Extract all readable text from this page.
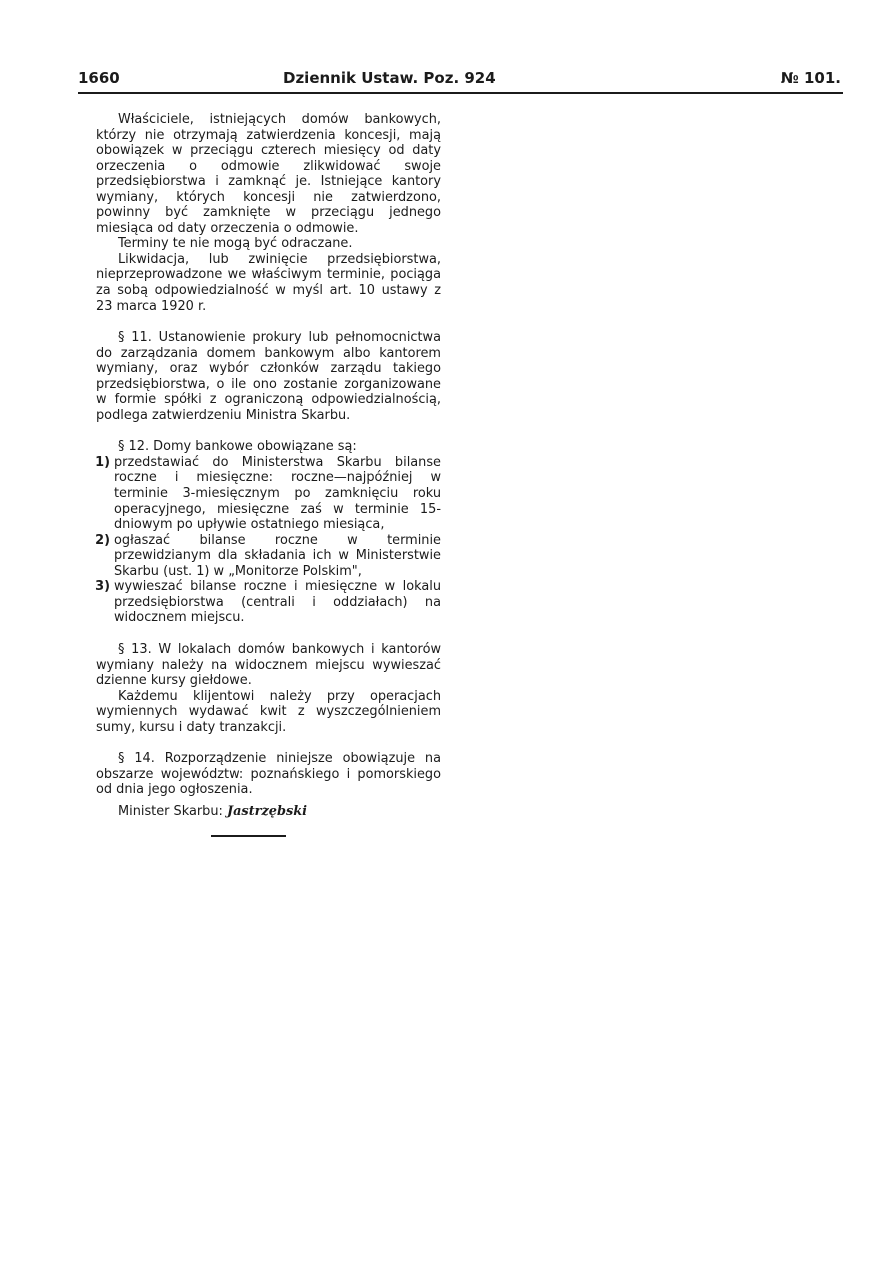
1660	Dziennik Ustaw. Poz. 924	№ 101.

Właściciele, istniejących domów bankowych, którzy nie otrzymają zatwierdzenia koncesji, mają obowiązek w przeciągu czterech miesięcy od daty orzeczenia o odmowie zlikwidować swoje przedsiębiorstwa i zamknąć je. Istniejące kantory wymiany, których koncesji nie zatwierdzono, powinny być zamknięte w przeciągu jednego miesiąca od daty orzeczenia o odmowie.

Terminy te nie mogą być odraczane.

Likwidacja, lub zwinięcie przedsiębiorstwa, nieprzeprowadzone we właściwym terminie, pociąga za sobą odpowiedzialność w myśl art. 10 ustawy z 23 marca 1920 r.

§ 11. Ustanowienie prokury lub pełnomocnictwa do zarządzania domem bankowym albo kantorem wymiany, oraz wybór członków zarządu takiego przedsiębiorstwa, o ile ono zostanie zorganizowane w formie spółki z ograniczoną odpowiedzialnością, podlega zatwierdzeniu Ministra Skarbu.

§ 12. Domy bankowe obowiązane są:

1) przedstawiać do Ministerstwa Skarbu bilanse roczne i miesięczne: roczne—najpóźniej w terminie 3-miesięcznym po zamknięciu roku operacyjnego, miesięczne zaś w terminie 15-dniowym po upływie ostatniego miesiąca,
2) ogłaszać bilanse roczne w terminie przewidzianym dla składania ich w Ministerstwie Skarbu (ust. 1) w „Monitorze Polskim",
3) wywieszać bilanse roczne i miesięczne w lokalu przedsiębiorstwa (centrali i oddziałach) na widocznem miejscu.

§ 13. W lokalach domów bankowych i kantorów wymiany należy na widocznem miejscu wywieszać dzienne kursy giełdowe.

Każdemu klijentowi należy przy operacjach wymiennych wydawać kwit z wyszczególnieniem sumy, kursu i daty tranzakcji.

§ 14. Rozporządzenie niniejsze obowiązuje na obszarze województw: poznańskiego i pomorskiego od dnia jego ogłoszenia.

Minister Skarbu: Jastrzębski
